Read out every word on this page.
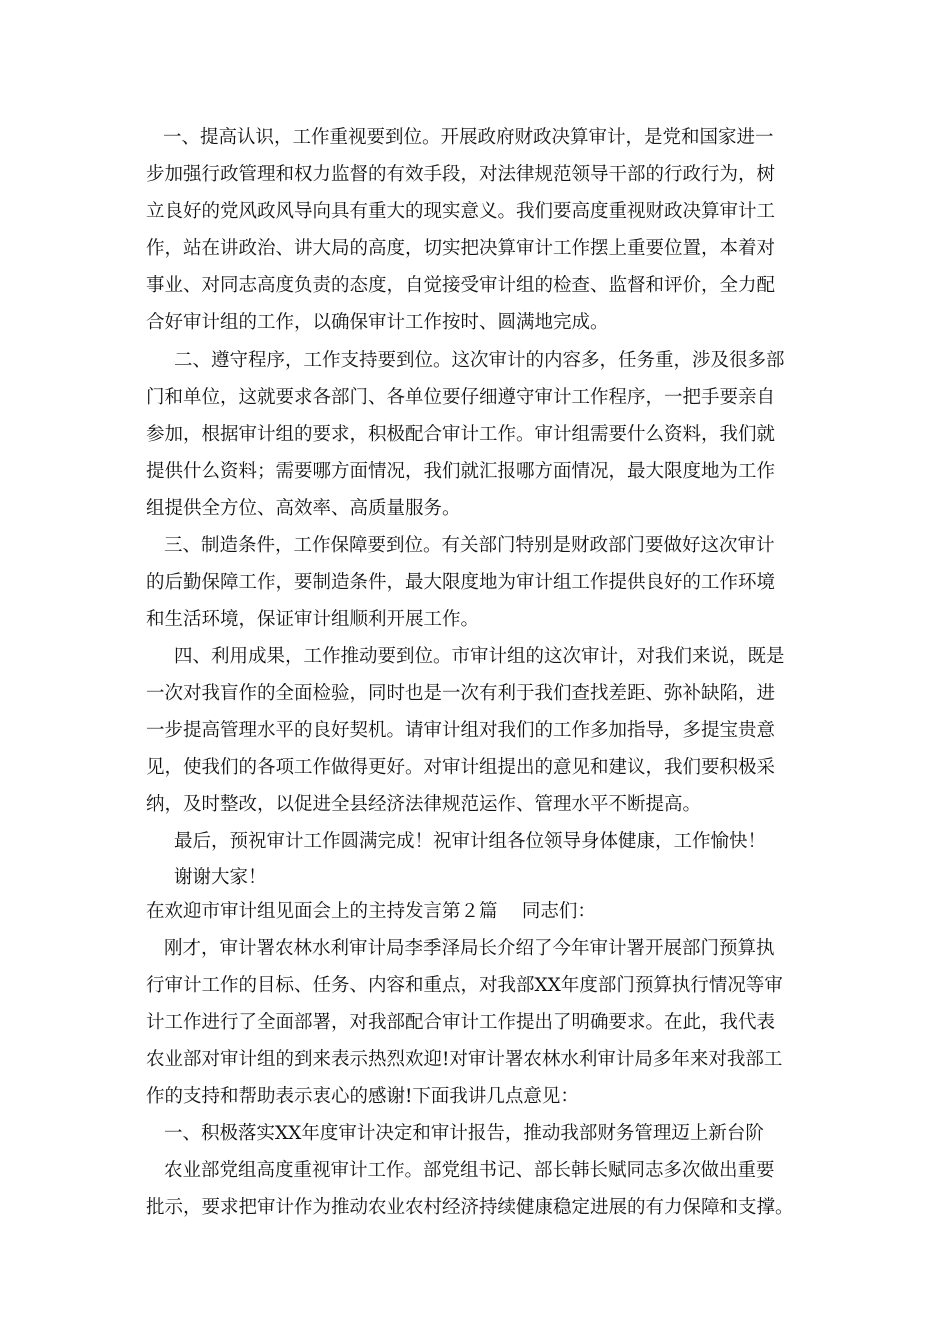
一、提高认识，工作重视要到位。开展政府财政决算审计，是党和国家进一
步加强行政管理和权力监督的有效手段，对法律规范领导干部的行政行为，树
立良好的党风政风导向具有重大的现实意义。我们要高度重视财政决算审计工
作，站在讲政治、讲大局的高度，切实把决算审计工作摆上重要位置，本着对
事业、对同志高度负责的态度，自觉接受审计组的检查、监督和评价，全力配
合好审计组的工作，以确保审计工作按时、圆满地完成。
二、遵守程序，工作支持要到位。这次审计的内容多，任务重，涉及很多部
门和单位，这就要求各部门、各单位要仔细遵守审计工作程序，一把手要亲自
参加，根据审计组的要求，积极配合审计工作。审计组需要什么资料，我们就
提供什么资料；需要哪方面情况，我们就汇报哪方面情况，最大限度地为工作
组提供全方位、高效率、高质量服务。
三、制造条件，工作保障要到位。有关部门特别是财政部门要做好这次审计
的后勤保障工作，要制造条件，最大限度地为审计组工作提供良好的工作环境
和生活环境，保证审计组顺利开展工作。
四、利用成果，工作推动要到位。市审计组的这次审计，对我们来说，既是
一次对我盲作的全面检验，同时也是一次有利于我们查找差距、弥补缺陷，进
一步提高管理水平的良好契机。请审计组对我们的工作多加指导，多提宝贵意
见，使我们的各项工作做得更好。对审计组提出的意见和建议，我们要积极采
纳，及时整改，以促进全县经济法律规范运作、管理水平不断提高。
最后，预祝审计工作圆满完成！祝审计组各位领导身体健康，工作愉快！
谢谢大家！
在欢迎市审计组见面会上的主持发言第２篇　 同志们：
刚才，审计署农林水利审计局李季泽局长介绍了今年审计署开展部门预算执
行审计工作的目标、任务、内容和重点，对我部XX年度部门预算执行情况等审
计工作进行了全面部署，对我部配合审计工作提出了明确要求。在此，我代表
农业部对审计组的到来表示热烈欢迎!对审计署农林水利审计局多年来对我部工
作的支持和帮助表示衷心的感谢!下面我讲几点意见：
一、积极落实XX年度审计决定和审计报告，推动我部财务管理迈上新台阶
农业部党组高度重视审计工作。部党组书记、部长韩长赋同志多次做出重要
批示，要求把审计作为推动农业农村经济持续健康稳定进展的有力保障和支撑。
